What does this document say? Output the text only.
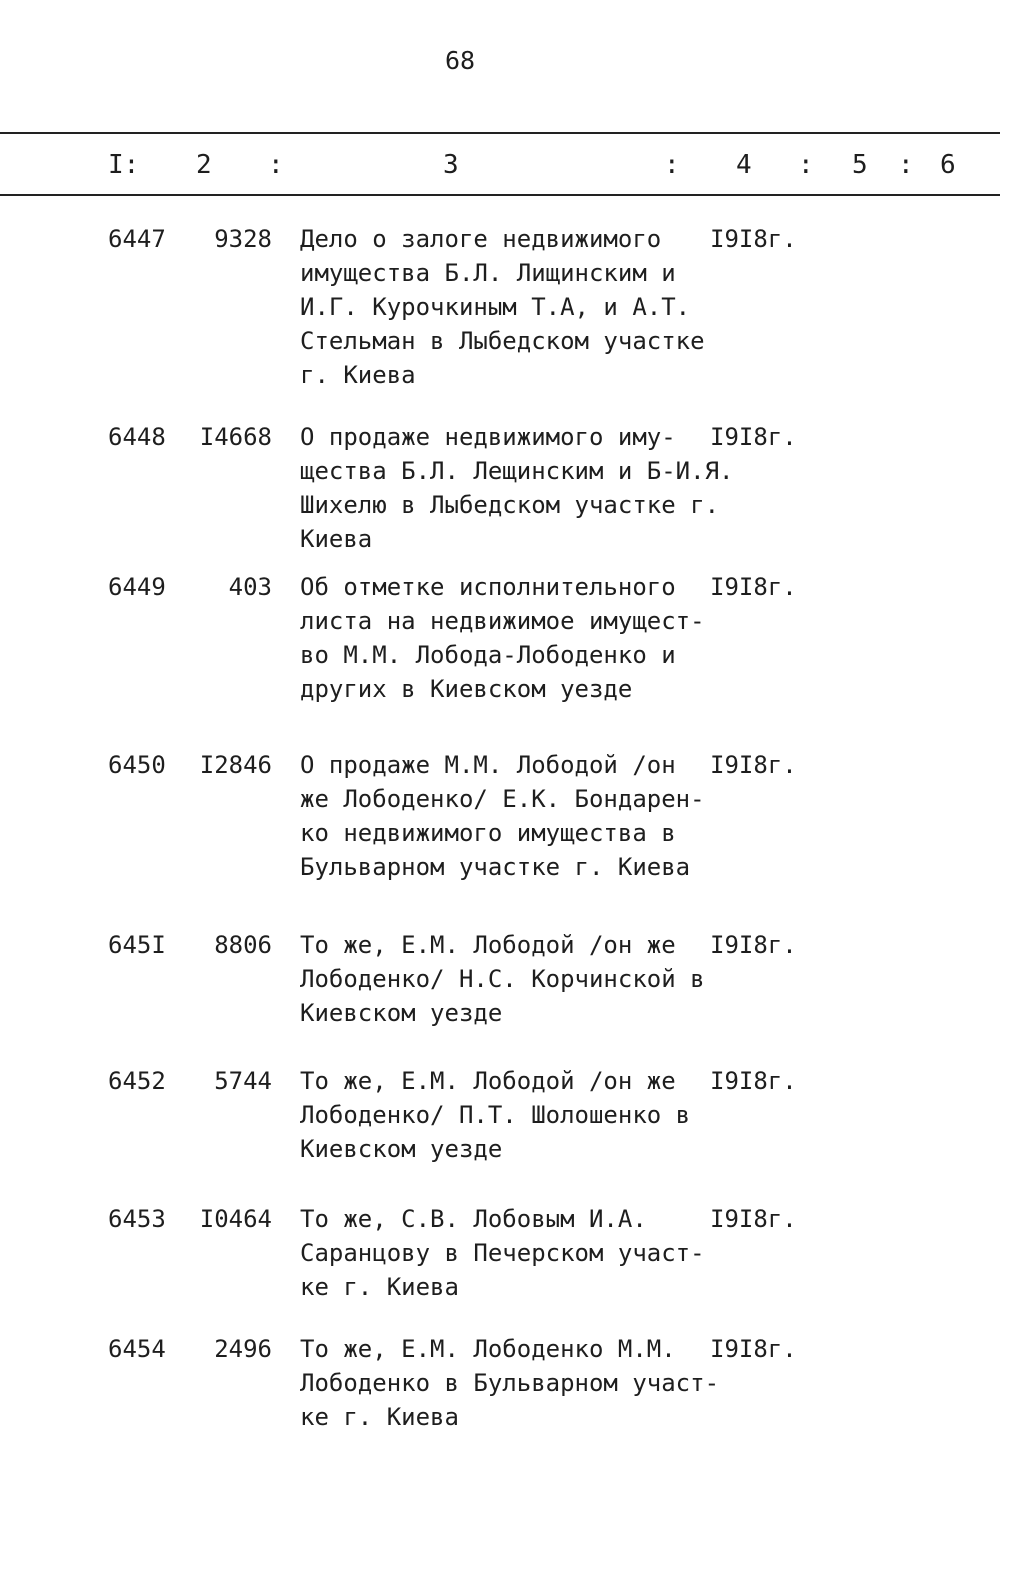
68
I: 2 :	3	: 4 : 5 : 6
6447	9328 Дело о залоге недвижимого
имущества Б.Л. Лищинским и
И.Г. Курочкиным Т.А, и А.Т.
Стельман в Лыбедском участке
г. Киева
I9I8г.
6448	I4668 О продаже недвижимого иму-
щества Б.Л. Лещинским и Б-И.Я.
Шихелю в Лыбедском участке г.
Киева
I9I8г.
6449	403 Об отметке исполнительного
листа на недвижимое имущест-
во М.М. Лобода-Лободенко и
других в Киевском уезде
I9I8г.
6450	I2846 О продаже М.М. Лободой /он
же Лободенко/ Е.К. Бондарен-
ко недвижимого имущества в
Бульварном участке г. Киева
I9I8г.
645I	8806 То же, Е.М. Лободой /он же
Лободенко/ Н.С. Корчинской в
Киевском уезде
I9I8г.
6452	5744 То же, Е.М. Лободой /он же
Лободенко/ П.Т. Шолошенко в
Киевском уезде
I9I8г.
6453	I0464 То же, С.В. Лобовым И.А.
Саранцову в Печерском участ-
ке г. Киева
I9I8г.
6454	2496 То же, Е.М. Лободенко М.М.
Лободенко в Бульварном участ-
ке г. Киева
I9I8г.
